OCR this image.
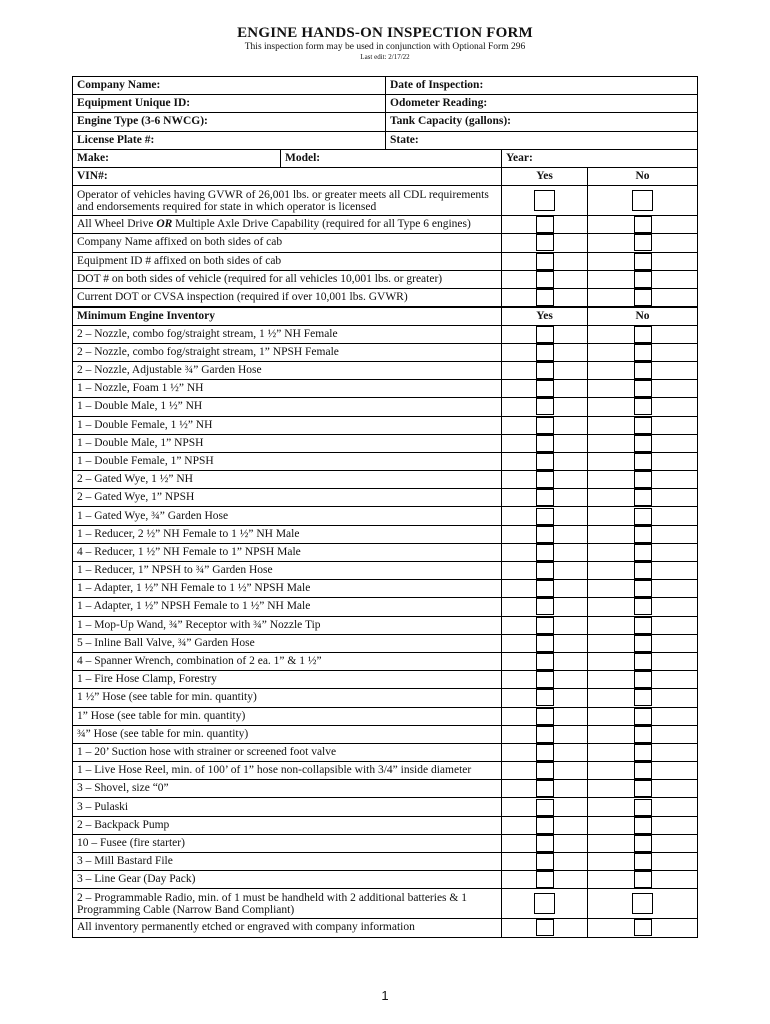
ENGINE HANDS-ON INSPECTION FORM
This inspection form may be used in conjunction with Optional Form 296
Last edit: 2/17/22
Company Name:		Date of Inspection:		
Equipment Unique ID:		Odometer Reading:		
Engine Type (3-6 NWCG):		Tank Capacity (gallons):		
License Plate #:		State:		
Make:	Model:		Year:	
VIN#:			Yes	No
Operator of vehicles having GVWR of 26,001 lbs. or greater meets all CDL requirements and endorsements required for state in which operator is licensed				
All Wheel Drive OR Multiple Axle Drive Capability (required for all Type 6 engines)				
Company Name affixed on both sides of cab				
Equipment ID # affixed on both sides of cab				
DOT # on both sides of vehicle (required for all vehicles 10,001 lbs. or greater)				
Current DOT or CVSA inspection (required if over 10,001 lbs. GVWR)				
Minimum Engine Inventory			Yes	No
2 – Nozzle, combo fog/straight stream, 1 ½” NH Female				
2 – Nozzle, combo fog/straight stream, 1” NPSH Female				
2 – Nozzle, Adjustable ¾” Garden Hose				
1 – Nozzle, Foam 1 ½” NH				
1 – Double Male, 1 ½” NH				
1 – Double Female, 1 ½” NH				
1 – Double Male, 1” NPSH				
1 – Double Female, 1” NPSH				
2 – Gated Wye, 1 ½” NH				
2 – Gated Wye, 1” NPSH				
1 – Gated Wye, ¾” Garden Hose				
1 – Reducer, 2 ½” NH Female to 1 ½” NH Male				
4 – Reducer, 1 ½” NH Female to 1” NPSH Male				
1 – Reducer, 1” NPSH to ¾” Garden Hose				
1 – Adapter, 1 ½” NH Female to 1 ½” NPSH Male				
1 – Adapter, 1 ½” NPSH Female to 1 ½” NH Male				
1 – Mop-Up Wand, ¾” Receptor with ¾” Nozzle Tip				
5 – Inline Ball Valve, ¾” Garden Hose				
4 – Spanner Wrench, combination of 2 ea. 1” & 1 ½”				
1 – Fire Hose Clamp, Forestry				
1 ½” Hose (see table for min. quantity)				
1” Hose (see table for min. quantity)				
¾” Hose (see table for min. quantity)				
1 – 20’ Suction hose with strainer or screened foot valve				
1 – Live Hose Reel, min. of 100’ of 1” hose non-collapsible with 3/4” inside diameter				
3 – Shovel, size “0”				
3 – Pulaski				
2 – Backpack Pump				
10 – Fusee (fire starter)				
3 – Mill Bastard File				
3 – Line Gear (Day Pack)				
2 – Programmable Radio, min. of 1 must be handheld with 2 additional batteries & 1 Programming Cable (Narrow Band Compliant)				
All inventory permanently etched or engraved with company information				
1
